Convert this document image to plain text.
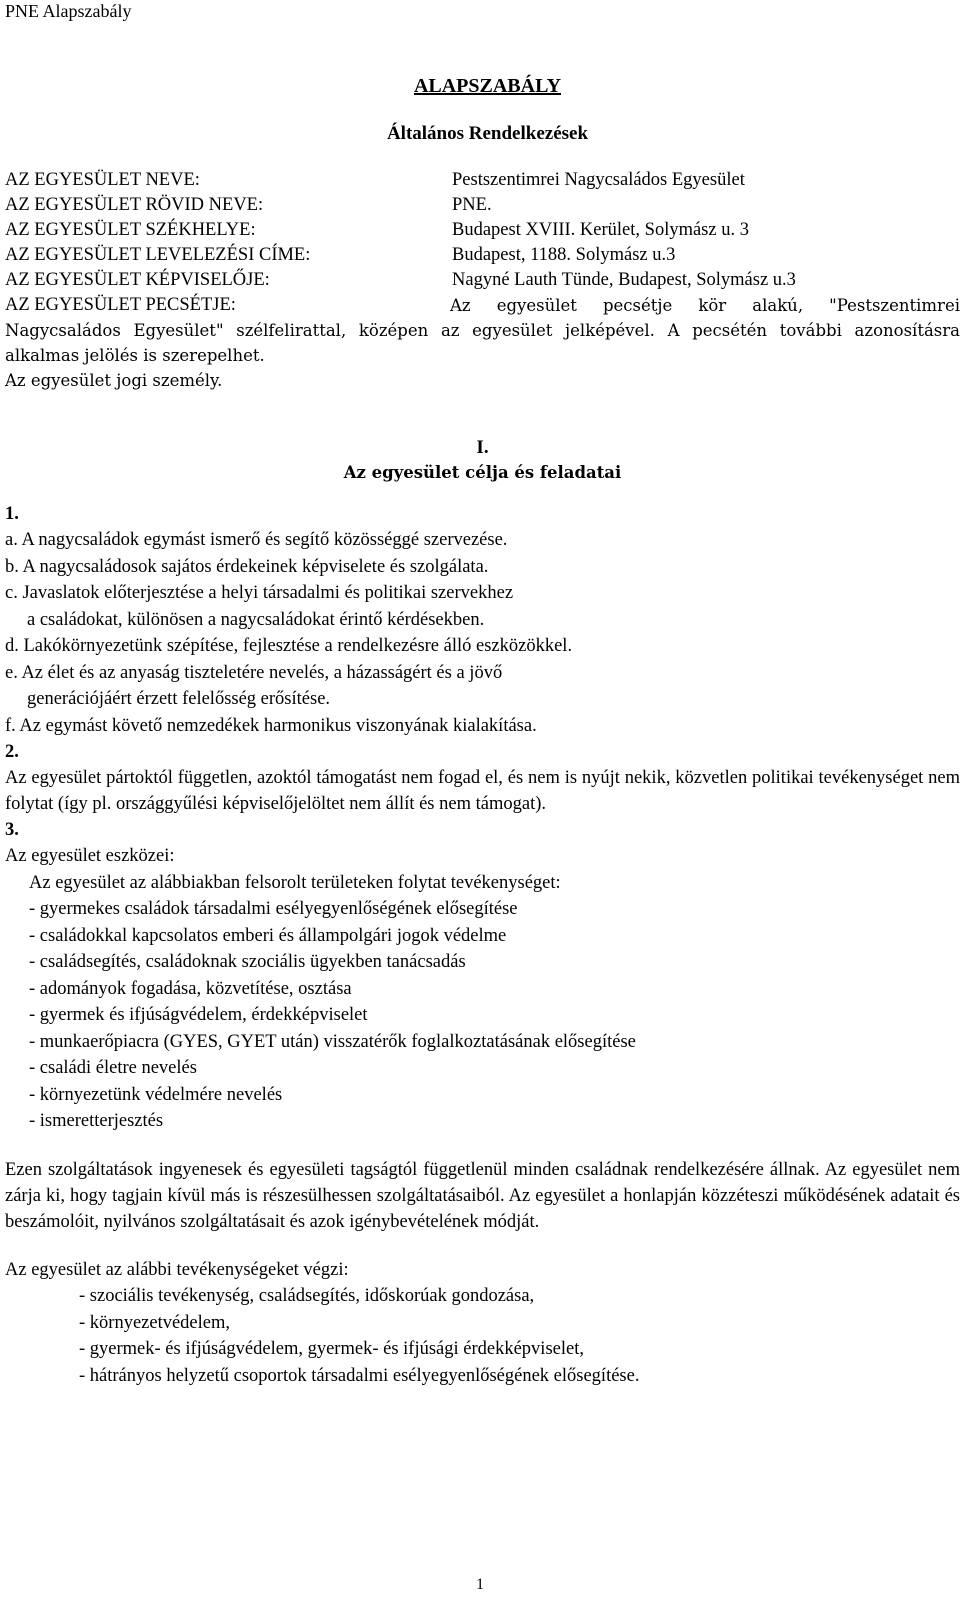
PNE Alapszabály
ALAPSZABÁLY
Általános Rendelkezések
AZ EGYESÜLET NEVE:	Pestszentimrei Nagycsaládos Egyesület
AZ EGYESÜLET RÖVID NEVE:	PNE.
AZ EGYESÜLET SZÉKHELYE:	Budapest XVIII. Kerület, Solymász u. 3
AZ EGYESÜLET LEVELEZÉSI CÍME:	Budapest, 1188. Solymász u.3
AZ EGYESÜLET KÉPVISELŐJE:	Nagyné Lauth Tünde, Budapest, Solymász u.3
AZ EGYESÜLET PECSÉTJE:	Az egyesület pecsétje kör alakú, "Pestszentimrei
Nagycsaládos Egyesület" szélfelirattal, középen az egyesület jelképével. A pecsétén további azonosításra alkalmas jelölés is szerepelhet.
Az egyesület jogi személy.
I.
Az egyesület célja és feladatai
1.
a. A nagycsaládok egymást ismerő és segítő közösséggé szervezése.
b. A nagycsaládosok sajátos érdekeinek képviselete és szolgálata.
c. Javaslatok előterjesztése a helyi társadalmi és politikai szervekhez
a családokat, különösen a nagycsaládokat érintő kérdésekben.
d. Lakókörnyezetünk szépítése, fejlesztése a rendelkezésre álló eszközökkel.
e. Az élet és az anyaság tiszteletére nevelés, a házasságért és a jövő
generációjáért érzett felelősség erősítése.
f. Az egymást követő nemzedékek harmonikus viszonyának kialakítása.
2.
Az egyesület pártoktól független, azoktól támogatást nem fogad el, és nem is nyújt nekik, közvetlen politikai tevékenységet nem folytat (így pl. országgyűlési képviselőjelöltet nem állít és nem támogat).
3.
Az egyesület eszközei:
Az egyesület az alábbiakban felsorolt területeken folytat tevékenységet:
- gyermekes családok társadalmi esélyegyenlőségének elősegítése
- családokkal kapcsolatos emberi és állampolgári jogok védelme
- családsegítés, családoknak szociális ügyekben tanácsadás
- adományok fogadása, közvetítése, osztása
- gyermek és ifjúságvédelem, érdekképviselet
- munkaerőpiacra (GYES, GYET után) visszatérők foglalkoztatásának elősegítése
- családi életre nevelés
- környezetünk védelmére nevelés
- ismeretterjesztés
Ezen szolgáltatások ingyenesek és egyesületi tagságtól függetlenül minden családnak rendelkezésére állnak. Az egyesület nem zárja ki, hogy tagjain kívül más is részesülhessen szolgáltatásaiból. Az egyesület a honlapján közzéteszi működésének adatait és beszámolóit, nyilvános szolgáltatásait és azok igénybevételének módját.
Az egyesület az alábbi tevékenységeket végzi:
- szociális tevékenység, családsegítés, időskorúak gondozása,
- környezetvédelem,
- gyermek- és ifjúságvédelem, gyermek- és ifjúsági érdekképviselet,
- hátrányos helyzetű csoportok társadalmi esélyegyenlőségének elősegítése.
1
